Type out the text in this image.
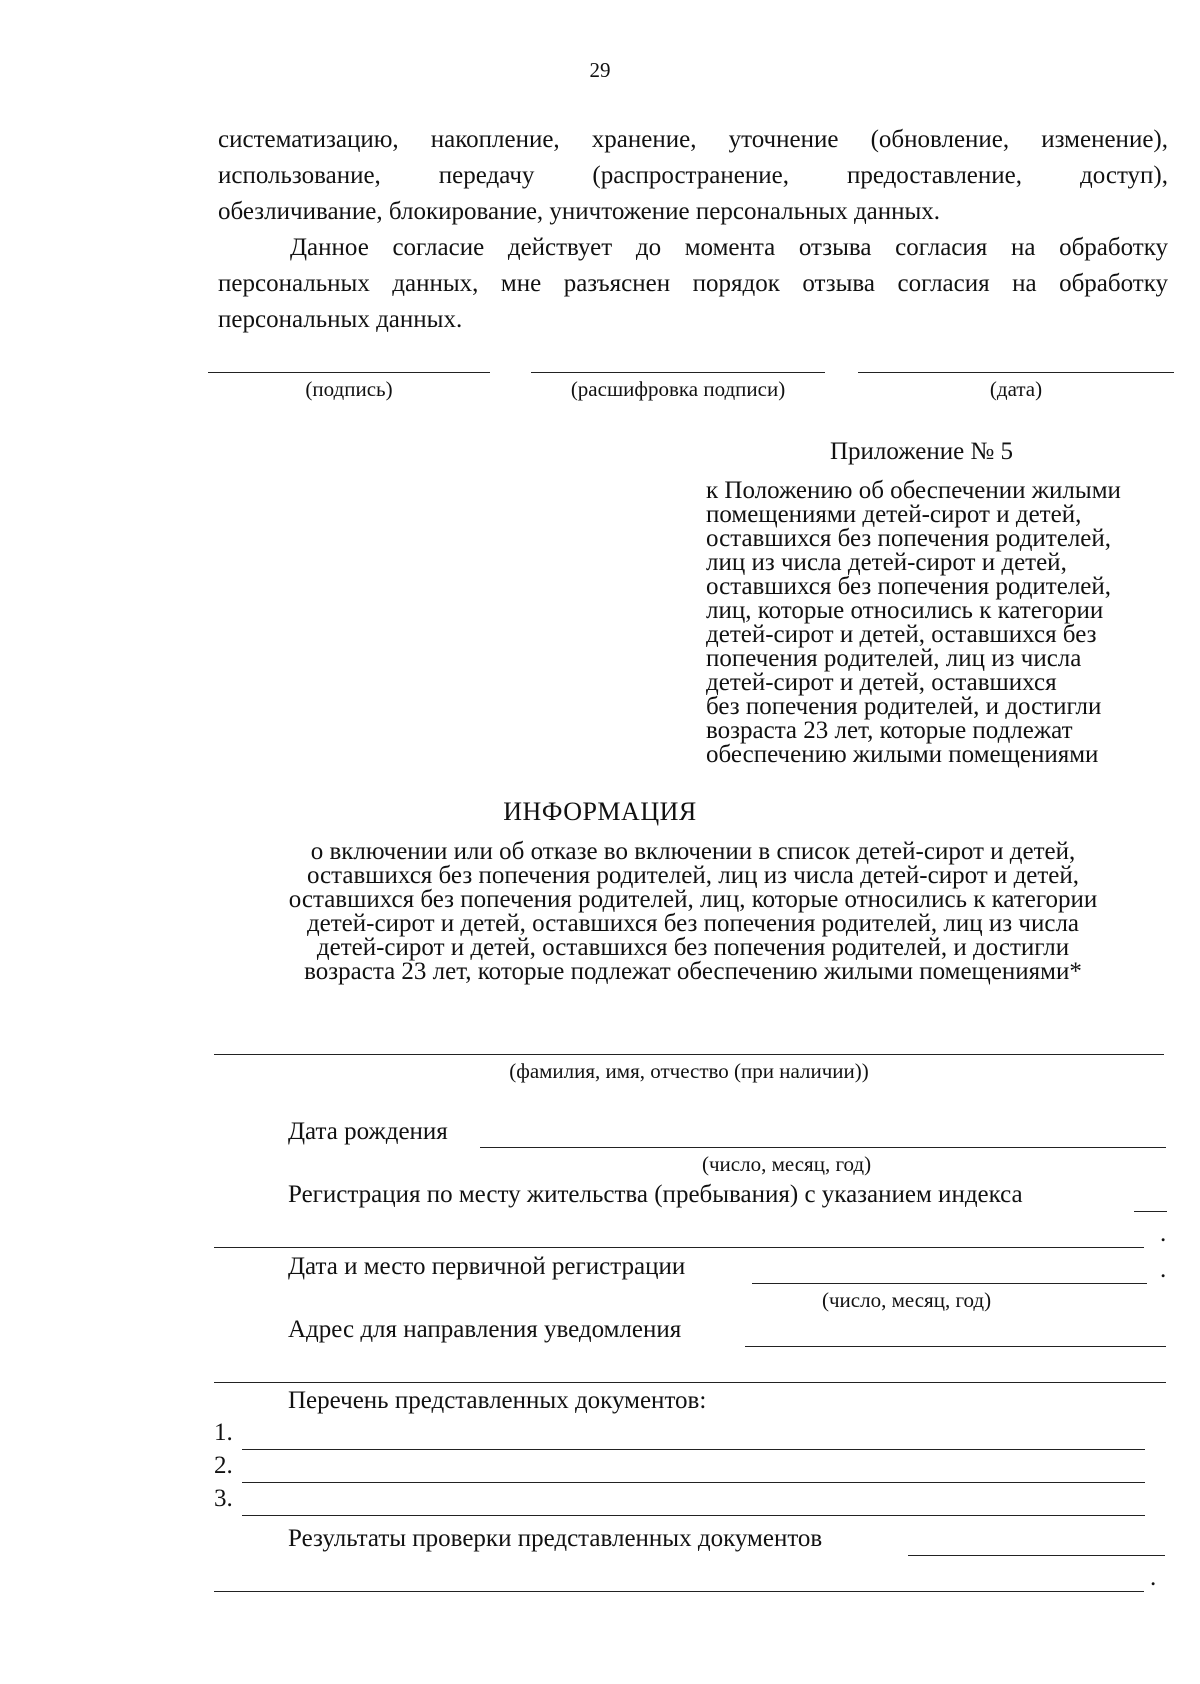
29
систематизацию, накопление, хранение, уточнение (обновление, изменение),
использование, передачу (распространение, предоставление, доступ),
обезличивание, блокирование, уничтожение персональных данных.
Данное согласие действует до момента отзыва согласия на обработку
персональных данных, мне разъяснен порядок отзыва согласия на обработку
персональных данных.
(подпись)	(расшифровка подписи)	(дата)
Приложение № 5
к Положению об обеспечении жилыми
помещениями детей-сирот и детей,
оставшихся без попечения родителей,
лиц из числа детей-сирот и детей,
оставшихся без попечения родителей,
лиц, которые относились к категории
детей-сирот и детей, оставшихся без
попечения родителей, лиц из числа
детей-сирот и детей, оставшихся
без попечения родителей, и достигли
возраста 23 лет, которые подлежат
обеспечению жилыми помещениями
ИНФОРМАЦИЯ
о включении или об отказе во включении в список детей-сирот и детей,
оставшихся без попечения родителей, лиц из числа детей-сирот и детей,
оставшихся без попечения родителей, лиц, которые относились к категории
детей-сирот и детей, оставшихся без попечения родителей, лиц из числа
детей-сирот и детей, оставшихся без попечения родителей, и достигли
возраста 23 лет, которые подлежат обеспечению жилыми помещениями*
(фамилия, имя, отчество (при наличии))
Дата рождения
(число, месяц, год)
Регистрация по месту жительства (пребывания) с указанием индекса
.
Дата и место первичной регистрации	.
(число, месяц, год)
Адрес для направления уведомления
Перечень представленных документов:
1.
2.
3.
Результаты проверки представленных документов
.
